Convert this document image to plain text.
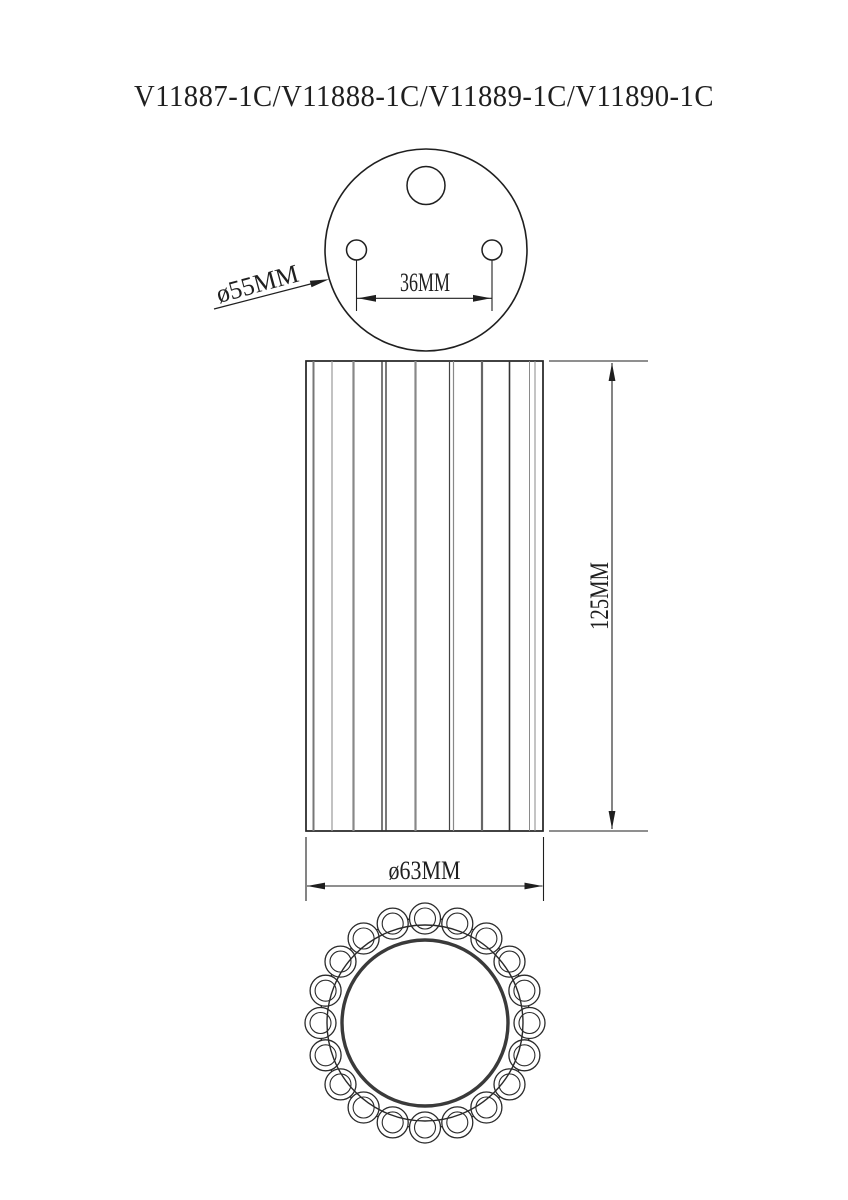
V11887-1C/V11888-1C/V11889-1C/V11890-1C
36MM
ø55MM
125MM
ø63MM
